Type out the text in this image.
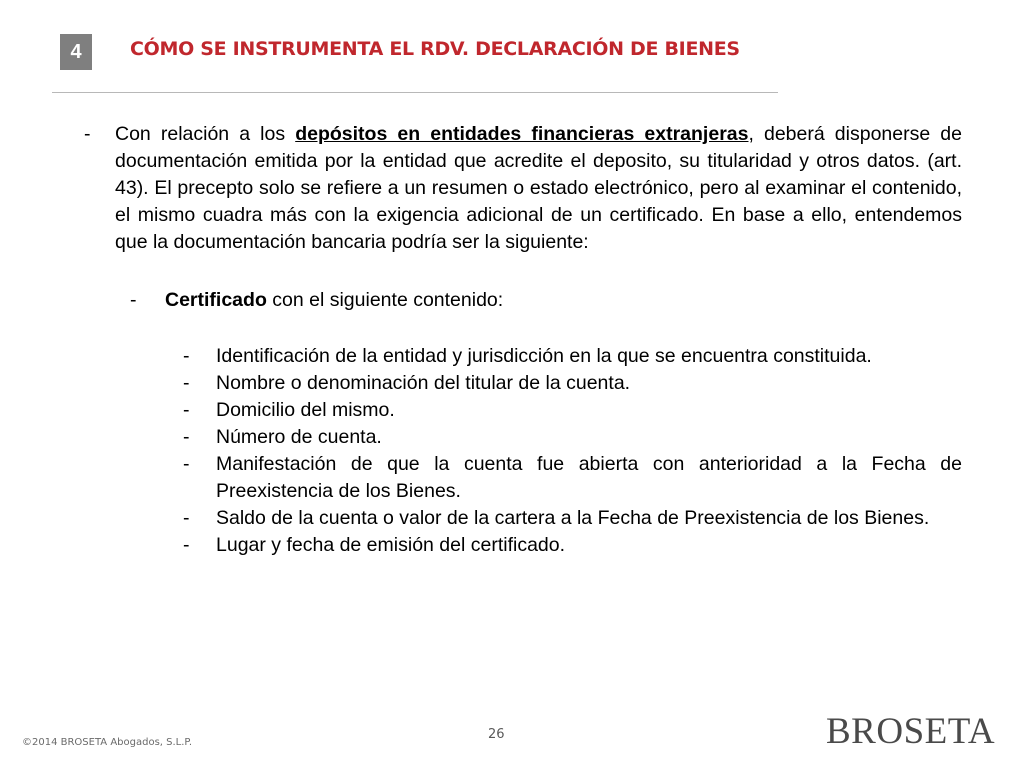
4	CÓMO SE INSTRUMENTA EL RDV. DECLARACIÓN DE BIENES
- Con relación a los depósitos en entidades financieras extranjeras, deberá disponerse de documentación emitida por la entidad que acredite el deposito, su titularidad y otros datos. (art. 43). El precepto solo se refiere a un resumen o estado electrónico, pero al examinar el contenido, el mismo cuadra más con la exigencia adicional de un certificado. En base a ello, entendemos que la documentación bancaria podría ser la siguiente:
- Certificado con el siguiente contenido:
- Identificación de la entidad y jurisdicción en la que se encuentra constituida.
- Nombre o denominación del titular de la cuenta.
- Domicilio del mismo.
- Número de cuenta.
- Manifestación de que la cuenta fue abierta con anterioridad a la Fecha de Preexistencia de los Bienes.
- Saldo de la cuenta o valor de la cartera a la Fecha de Preexistencia de los Bienes.
- Lugar y fecha de emisión del certificado.
©2014 BROSETA Abogados, S.L.P.
26	BROSETA
